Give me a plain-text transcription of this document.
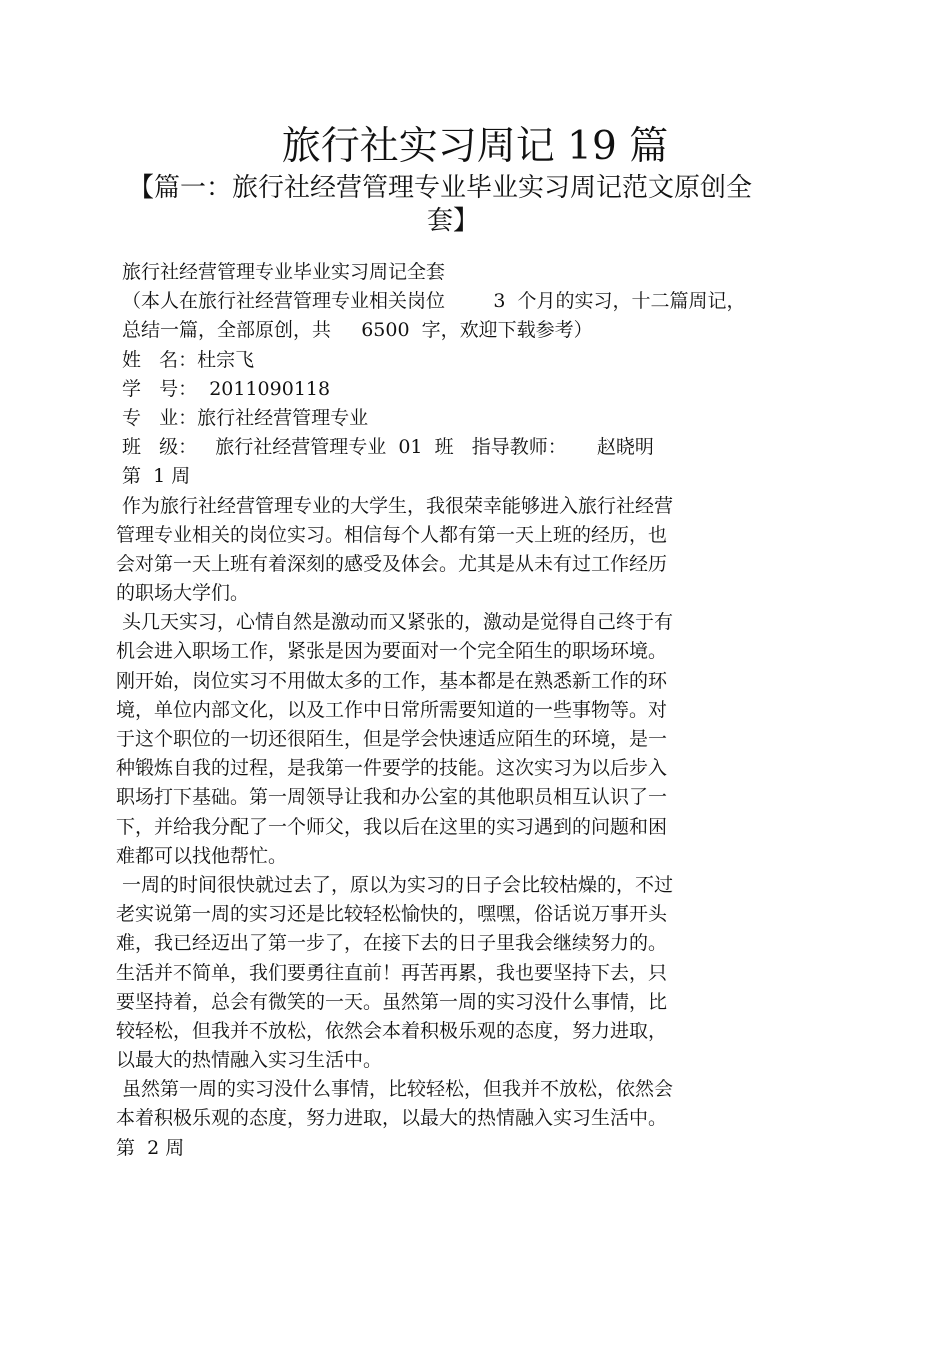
旅行社实习周记 19 篇
【篇一：旅行社经营管理专业毕业实习周记范文原创全
套】
旅行社经营管理专业毕业实习周记全套
（本人在旅行社经营管理专业相关岗位        3  个月的实习，十二篇周记，
总结一篇，全部原创，共     6500  字，欢迎下载参考）
姓   名：杜宗飞
学   号：  2011090118
专   业：旅行社经营管理专业
班   级：   旅行社经营管理专业  01  班   指导教师：     赵晓明
第  1 周
作为旅行社经营管理专业的大学生，我很荣幸能够进入旅行社经营
管理专业相关的岗位实习。相信每个人都有第一天上班的经历，也
会对第一天上班有着深刻的感受及体会。尤其是从未有过工作经历
的职场大学们。
头几天实习，心情自然是激动而又紧张的，激动是觉得自己终于有
机会进入职场工作，紧张是因为要面对一个完全陌生的职场环境。
刚开始，岗位实习不用做太多的工作，基本都是在熟悉新工作的环
境，单位内部文化，以及工作中日常所需要知道的一些事物等。对
于这个职位的一切还很陌生，但是学会快速适应陌生的环境，是一
种锻炼自我的过程，是我第一件要学的技能。这次实习为以后步入
职场打下基础。第一周领导让我和办公室的其他职员相互认识了一
下，并给我分配了一个师父，我以后在这里的实习遇到的问题和困
难都可以找他帮忙。
一周的时间很快就过去了，原以为实习的日子会比较枯燥的，不过
老实说第一周的实习还是比较轻松愉快的，嘿嘿，俗话说万事开头
难，我已经迈出了第一步了，在接下去的日子里我会继续努力的。
生活并不简单，我们要勇往直前！再苦再累，我也要坚持下去，只
要坚持着，总会有微笑的一天。虽然第一周的实习没什么事情，比
较轻松，但我并不放松，依然会本着积极乐观的态度，努力进取，
以最大的热情融入实习生活中。
虽然第一周的实习没什么事情，比较轻松，但我并不放松，依然会
本着积极乐观的态度，努力进取，以最大的热情融入实习生活中。
第  2 周
